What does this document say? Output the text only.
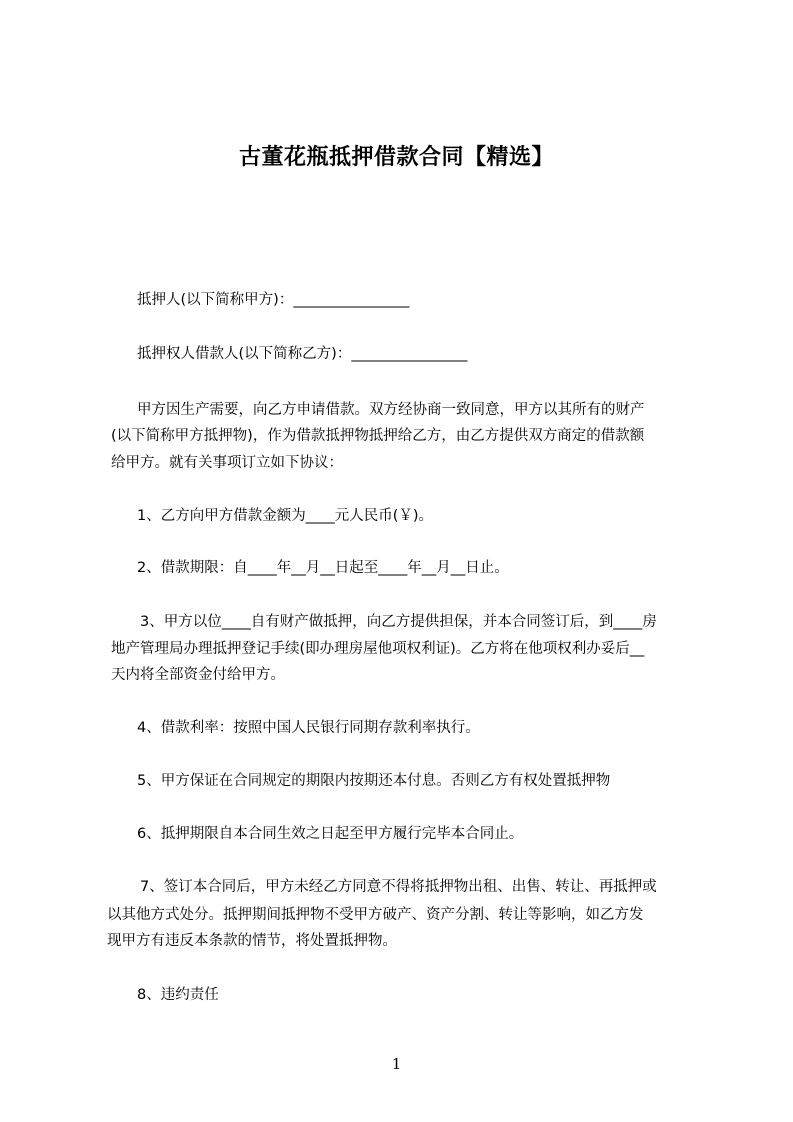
古董花瓶抵押借款合同【精选】

抵押人(以下简称甲方)：________________

抵押权人借款人(以下简称乙方)：________________

甲方因生产需要，向乙方申请借款。双方经协商一致同意，甲方以其所有的财产

(以下简称甲方抵押物)，作为借款抵押物抵押给乙方，由乙方提供双方商定的借款额

给甲方。就有关事项订立如下协议：

1、乙方向甲方借款金额为____元人民币(￥)。

2、借款期限：自____年__月__日起至____年__月__日止。

3、甲方以位____自有财产做抵押，向乙方提供担保，并本合同签订后，到____房

地产管理局办理抵押登记手续(即办理房屋他项权利证)。乙方将在他项权利办妥后__

天内将全部资金付给甲方。

4、借款利率：按照中国人民银行同期存款利率执行。

5、甲方保证在合同规定的期限内按期还本付息。否则乙方有权处置抵押物

6、抵押期限自本合同生效之日起至甲方履行完毕本合同止。

7、签订本合同后，甲方未经乙方同意不得将抵押物出租、出售、转让、再抵押或

以其他方式处分。抵押期间抵押物不受甲方破产、资产分割、转让等影响，如乙方发

现甲方有违反本条款的情节，将处置抵押物。

8、违约责任

1
